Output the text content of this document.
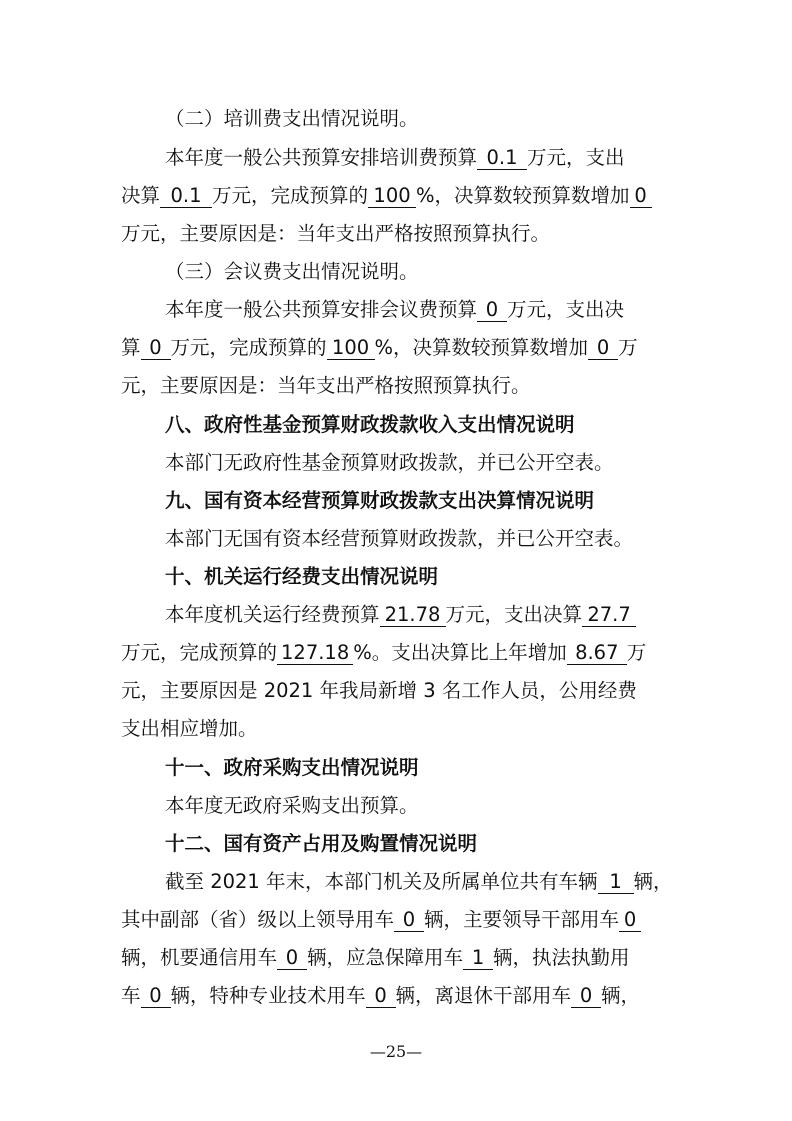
（二）培训费支出情况说明。
本年度一般公共预算安排培训费预算 0.1 万元，支出
决算 0.1 万元，完成预算的 100 %，决算数较预算数增加 0
万元，主要原因是：当年支出严格按照预算执行。
（三）会议费支出情况说明。
本年度一般公共预算安排会议费预算 0 万元，支出决
算 0 万元，完成预算的 100 %，决算数较预算数增加 0 万
元，主要原因是：当年支出严格按照预算执行。
八、政府性基金预算财政拨款收入支出情况说明
本部门无政府性基金预算财政拨款，并已公开空表。
九、国有资本经营预算财政拨款支出决算情况说明
本部门无国有资本经营预算财政拨款，并已公开空表。
十、机关运行经费支出情况说明
本年度机关运行经费预算 21.78 万元，支出决算 27.7
万元，完成预算的 127.18 %。支出决算比上年增加 8.67 万
元，主要原因是 2021 年我局新增 3 名工作人员，公用经费
支出相应增加。
十一、政府采购支出情况说明
本年度无政府采购支出预算。
十二、国有资产占用及购置情况说明
截至 2021 年末，本部门机关及所属单位共有车辆 1 辆，
其中副部（省）级以上领导用车 0 辆，主要领导干部用车 0
辆，机要通信用车 0 辆，应急保障用车 1 辆，执法执勤用
车 0 辆，特种专业技术用车 0 辆，离退休干部用车 0 辆，
—25—
